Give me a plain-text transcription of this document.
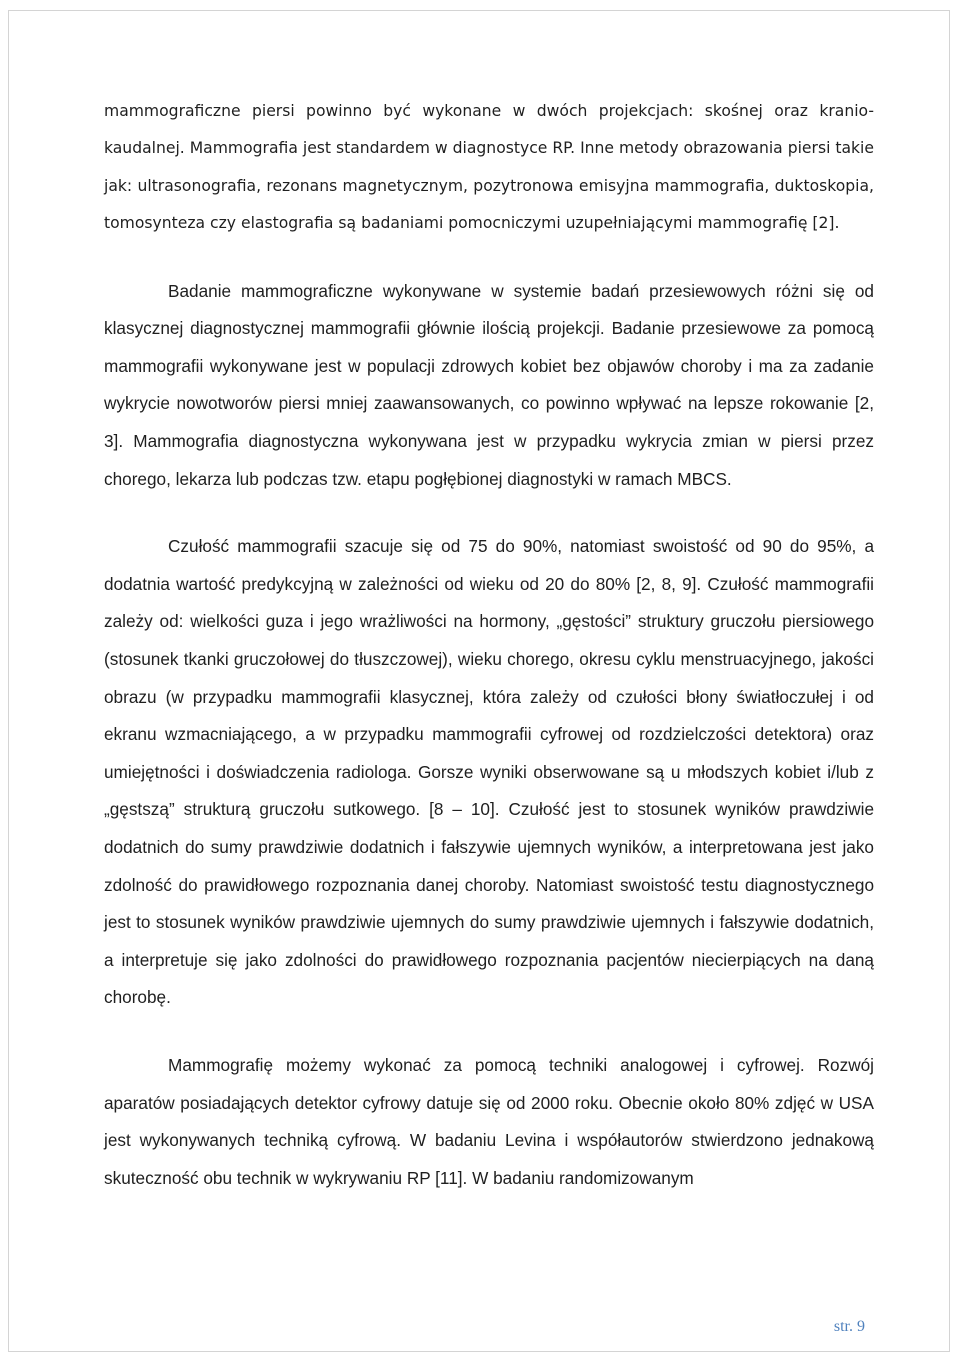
mammograficzne piersi powinno być wykonane w dwóch projekcjach: skośnej oraz kranio-kaudalnej. Mammografia jest standardem w diagnostyce RP. Inne metody obrazowania piersi takie jak: ultrasonografia, rezonans magnetycznym, pozytronowa emisyjna mammografia, duktoskopia, tomosynteza czy elastografia są badaniami pomocniczymi uzupełniającymi mammografię [2].

Badanie mammograficzne wykonywane w systemie badań przesiewowych różni się od klasycznej diagnostycznej mammografii głównie ilością projekcji. Badanie przesiewowe za pomocą mammografii wykonywane jest w populacji zdrowych kobiet bez objawów choroby i ma za zadanie wykrycie nowotworów piersi mniej zaawansowanych, co powinno wpływać na lepsze rokowanie [2, 3]. Mammografia diagnostyczna wykonywana jest w przypadku wykrycia zmian w piersi przez chorego, lekarza lub podczas tzw. etapu pogłębionej diagnostyki w ramach MBCS.

Czułość mammografii szacuje się od 75 do 90%, natomiast swoistość od 90 do 95%, a dodatnia wartość predykcyjną w zależności od wieku od 20 do 80% [2, 8, 9]. Czułość mammografii zależy od: wielkości guza i jego wrażliwości na hormony, „gęstości” struktury gruczołu piersiowego (stosunek tkanki gruczołowej do tłuszczowej), wieku chorego, okresu cyklu menstruacyjnego, jakości obrazu (w przypadku mammografii klasycznej, która zależy od czułości błony światłoczułej i od ekranu wzmacniającego, a w przypadku mammografii cyfrowej od rozdzielczości detektora) oraz umiejętności i doświadczenia radiologa. Gorsze wyniki obserwowane są u młodszych kobiet i/lub z „gęstszą” strukturą gruczołu sutkowego. [8 – 10]. Czułość jest to stosunek wyników prawdziwie dodatnich do sumy prawdziwie dodatnich i fałszywie ujemnych wyników, a interpretowana jest jako zdolność do prawidłowego rozpoznania danej choroby. Natomiast swoistość testu diagnostycznego jest to stosunek wyników prawdziwie ujemnych do sumy prawdziwie ujemnych i fałszywie dodatnich, a interpretuje się jako zdolności do prawidłowego rozpoznania pacjentów niecierpiących na daną chorobę.

Mammografię możemy wykonać za pomocą techniki analogowej i cyfrowej. Rozwój aparatów posiadających detektor cyfrowy datuje się od 2000 roku. Obecnie około 80% zdjęć w USA jest wykonywanych techniką cyfrową. W badaniu Levina i współautorów stwierdzono jednakową skuteczność obu technik w wykrywaniu RP [11]. W badaniu randomizowanym

str. 9
